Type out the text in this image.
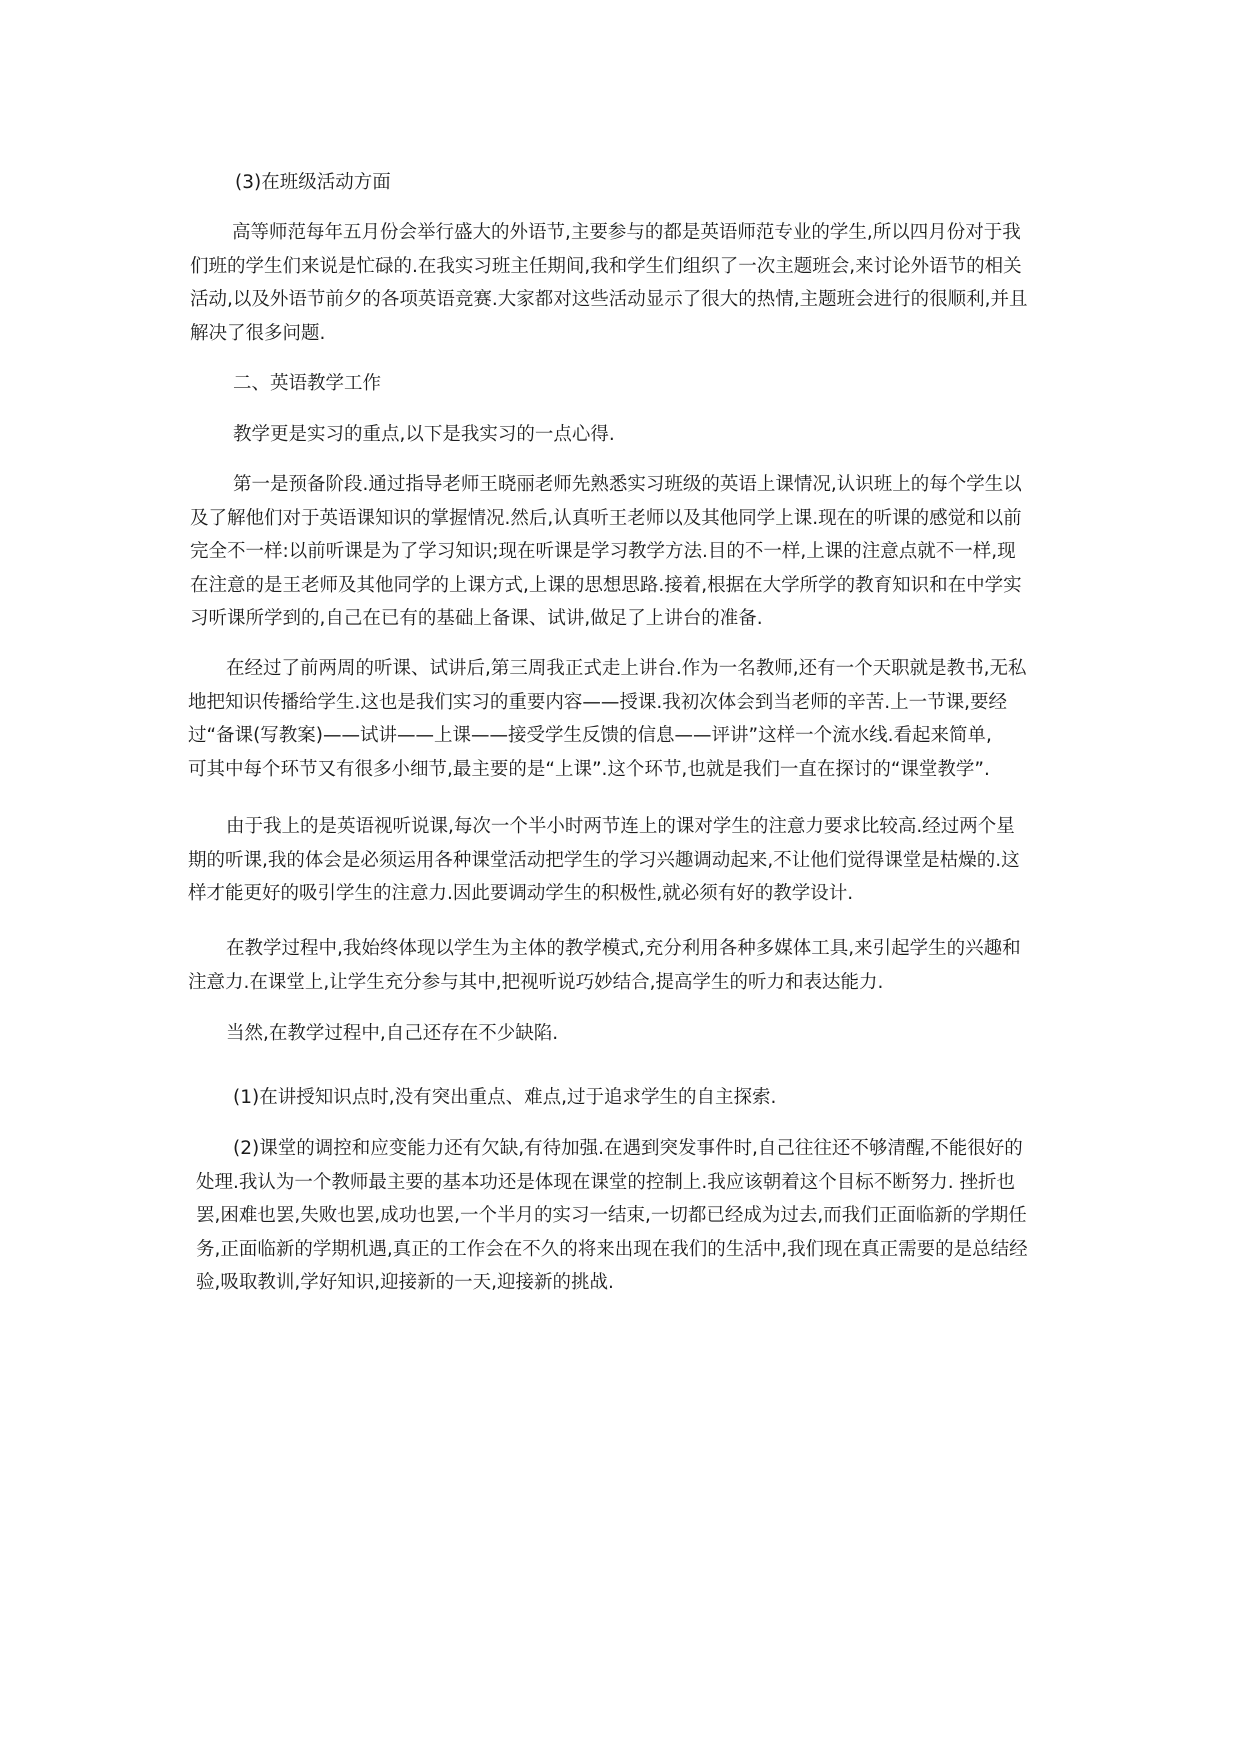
(3)在班级活动方面

高等师范每年五月份会举行盛大的外语节,主要参与的都是英语师范专业的学生,所以四月份对于我
们班的学生们来说是忙碌的.在我实习班主任期间,我和学生们组织了一次主题班会,来讨论外语节的相关
活动,以及外语节前夕的各项英语竞赛.大家都对这些活动显示了很大的热情,主题班会进行的很顺利,并且
解决了很多问题.

二、英语教学工作

教学更是实习的重点,以下是我实习的一点心得.

第一是预备阶段.通过指导老师王晓丽老师先熟悉实习班级的英语上课情况,认识班上的每个学生以
及了解他们对于英语课知识的掌握情况.然后,认真听王老师以及其他同学上课.现在的听课的感觉和以前
完全不一样:以前听课是为了学习知识;现在听课是学习教学方法.目的不一样,上课的注意点就不一样,现
在注意的是王老师及其他同学的上课方式,上课的思想思路.接着,根据在大学所学的教育知识和在中学实
习听课所学到的,自己在已有的基础上备课、试讲,做足了上讲台的准备.
在经过了前两周的听课、试讲后,第三周我正式走上讲台.作为一名教师,还有一个天职就是教书,无私
地把知识传播给学生.这也是我们实习的重要内容——授课.我初次体会到当老师的辛苦.上一节课,要经
过“备课(写教案)——试讲——上课——接受学生反馈的信息——评讲”这样一个流水线.看起来简单,
可其中每个环节又有很多小细节,最主要的是“上课”.这个环节,也就是我们一直在探讨的“课堂教学”.
由于我上的是英语视听说课,每次一个半小时两节连上的课对学生的注意力要求比较高.经过两个星
期的听课,我的体会是必须运用各种课堂活动把学生的学习兴趣调动起来,不让他们觉得课堂是枯燥的.这
样才能更好的吸引学生的注意力.因此要调动学生的积极性,就必须有好的教学设计.
在教学过程中,我始终体现以学生为主体的教学模式,充分利用各种多媒体工具,来引起学生的兴趣和
注意力.在课堂上,让学生充分参与其中,把视听说巧妙结合,提高学生的听力和表达能力.

当然,在教学过程中,自己还存在不少缺陷.

(1)在讲授知识点时,没有突出重点、难点,过于追求学生的自主探索.

(2)课堂的调控和应变能力还有欠缺,有待加强.在遇到突发事件时,自己往往还不够清醒,不能很好的
处理.我认为一个教师最主要的基本功还是体现在课堂的控制上.我应该朝着这个目标不断努力. 挫折也
罢,困难也罢,失败也罢,成功也罢,一个半月的实习一结束,一切都已经成为过去,而我们正面临新的学期任
务,正面临新的学期机遇,真正的工作会在不久的将来出现在我们的生活中,我们现在真正需要的是总结经
验,吸取教训,学好知识,迎接新的一天,迎接新的挑战.
